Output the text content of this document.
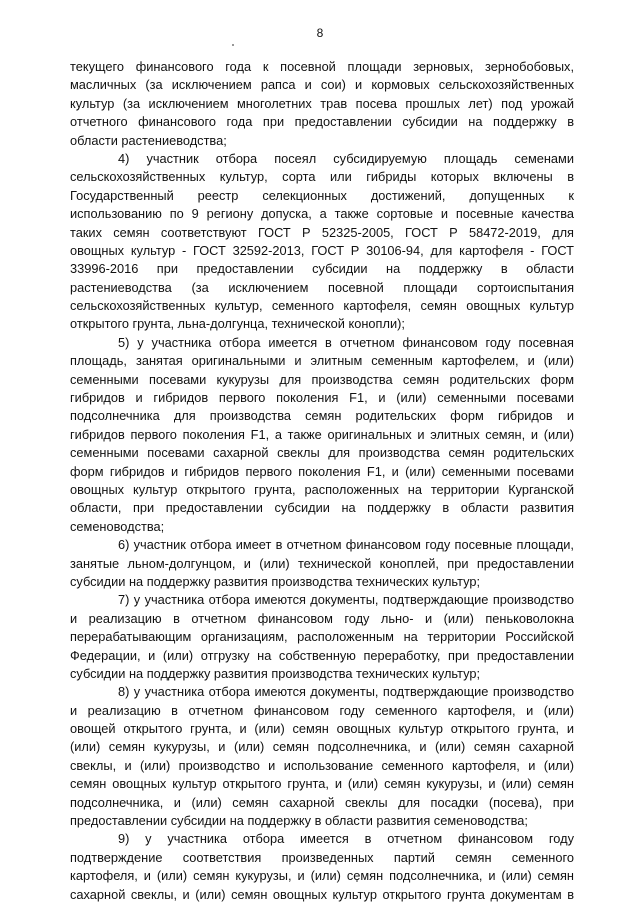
8
текущего финансового года к посевной площади зерновых, зернобобовых,
масличных (за исключением рапса и сои) и кормовых сельскохозяйственных
культур (за исключением многолетних трав посева прошлых лет) под урожай
отчетного финансового года при предоставлении субсидии на поддержку в
области растениеводства;
4) участник отбора посеял субсидируемую площадь семенами
сельскохозяйственных культур, сорта или гибриды которых включены в
Государственный реестр селекционных достижений, допущенных к
использованию по 9 региону допуска, а также сортовые и посевные качества
таких семян соответствуют ГОСТ Р 52325-2005, ГОСТ Р 58472-2019, для
овощных культур - ГОСТ 32592-2013, ГОСТ Р 30106-94, для картофеля - ГОСТ
33996-2016 при предоставлении субсидии на поддержку в области
растениеводства (за исключением посевной площади сортоиспытания
сельскохозяйственных культур, семенного картофеля, семян овощных культур
открытого грунта, льна-долгунца, технической конопли);
5) у участника отбора имеется в отчетном финансовом году посевная
площадь, занятая оригинальными и элитным семенным картофелем, и (или)
семенными посевами кукурузы для производства семян родительских форм
гибридов и гибридов первого поколения F1, и (или) семенными посевами
подсолнечника для производства семян родительских форм гибридов и
гибридов первого поколения F1, а также оригинальных и элитных семян, и (или)
семенными посевами сахарной свеклы для производства семян родительских
форм гибридов и гибридов первого поколения F1, и (или) семенными посевами
овощных культур открытого грунта, расположенных на территории Курганской
области, при предоставлении субсидии на поддержку в области развития
семеноводства;
6) участник отбора имеет в отчетном финансовом году посевные площади,
занятые льном-долгунцом, и (или) технической коноплей, при предоставлении
субсидии на поддержку развития производства технических культур;
7) у участника отбора имеются документы, подтверждающие производство
и реализацию в отчетном финансовом году льно- и (или) пеньковолокна
перерабатывающим организациям, расположенным на территории Российской
Федерации, и (или) отгрузку на собственную переработку, при предоставлении
субсидии на поддержку развития производства технических культур;
8) у участника отбора имеются документы, подтверждающие производство
и реализацию в отчетном финансовом году семенного картофеля, и (или)
овощей открытого грунта, и (или) семян овощных культур открытого грунта, и
(или) семян кукурузы, и (или) семян подсолнечника, и (или) семян сахарной
свеклы, и (или) производство и использование семенного картофеля, и (или)
семян овощных культур открытого грунта, и (или) семян кукурузы, и (или) семян
подсолнечника, и (или) семян сахарной свеклы для посадки (посева), при
предоставлении субсидии на поддержку в области развития семеноводства;
9) у участника отбора имеется в отчетном финансовом году
подтверждение соответствия произведенных партий семян семенного
картофеля, и (или) семян кукурузы, и (или) семян подсолнечника, и (или) семян
сахарной свеклы, и (или) семян овощных культур открытого грунта документам в
